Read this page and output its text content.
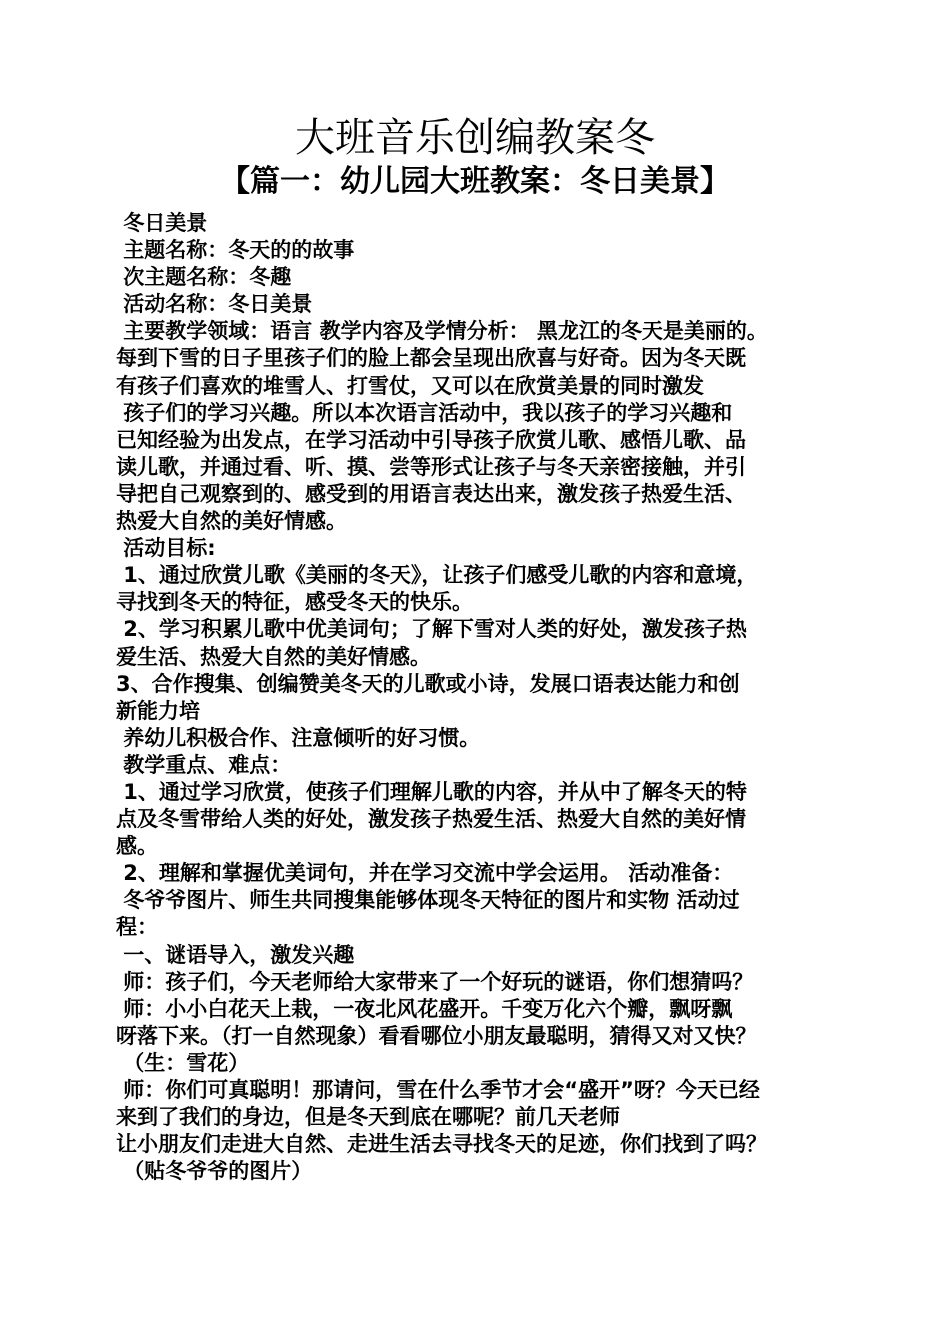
大班音乐创编教案冬
【篇一：幼儿园大班教案：冬日美景】
冬日美景
主题名称：冬天的的故事
次主题名称：冬趣
活动名称：冬日美景
主要教学领域：语言 教学内容及学情分析： 黑龙江的冬天是美丽的。
每到下雪的日子里孩子们的脸上都会呈现出欣喜与好奇。因为冬天既
有孩子们喜欢的堆雪人、打雪仗，又可以在欣赏美景的同时激发
孩子们的学习兴趣。所以本次语言活动中，我以孩子的学习兴趣和
已知经验为出发点，在学习活动中引导孩子欣赏儿歌、感悟儿歌、品
读儿歌，并通过看、听、摸、尝等形式让孩子与冬天亲密接触，并引
导把自己观察到的、感受到的用语言表达出来，激发孩子热爱生活、
热爱大自然的美好情感。
活动目标:
1、通过欣赏儿歌《美丽的冬天》，让孩子们感受儿歌的内容和意境，
寻找到冬天的特征，感受冬天的快乐。
2、学习积累儿歌中优美词句；了解下雪对人类的好处，激发孩子热
爱生活、热爱大自然的美好情感。
3、合作搜集、创编赞美冬天的儿歌或小诗，发展口语表达能力和创
新能力培
养幼儿积极合作、注意倾听的好习惯。
教学重点、难点：
1、通过学习欣赏，使孩子们理解儿歌的内容，并从中了解冬天的特
点及冬雪带给人类的好处，激发孩子热爱生活、热爱大自然的美好情
感。
2、理解和掌握优美词句，并在学习交流中学会运用。 活动准备：
冬爷爷图片、师生共同搜集能够体现冬天特征的图片和实物 活动过
程：
一、谜语导入，激发兴趣
师：孩子们，今天老师给大家带来了一个好玩的谜语，你们想猜吗？
师：小小白花天上栽，一夜北风花盛开。千变万化六个瓣，飘呀飘
呀落下来。（打一自然现象）看看哪位小朋友最聪明，猜得又对又快？
（生：雪花）
师：你们可真聪明！那请问，雪在什么季节才会“盛开”呀？今天已经
来到了我们的身边，但是冬天到底在哪呢？前几天老师
让小朋友们走进大自然、走进生活去寻找冬天的足迹，你们找到了吗？
（贴冬爷爷的图片）
